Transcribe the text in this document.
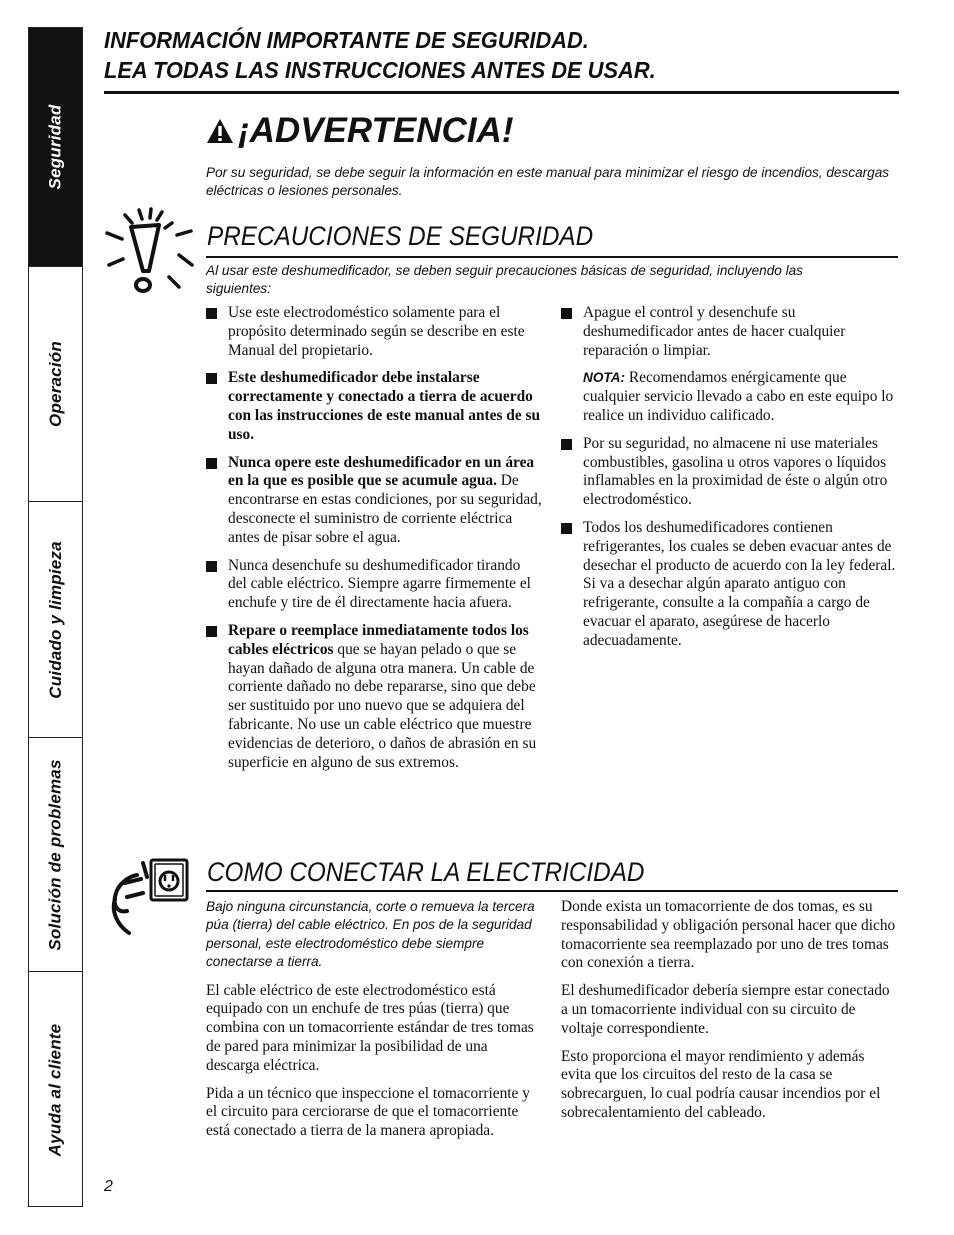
Seguridad
Operación
Cuidado y limpieza
Solución de problemas
Ayuda al cliente
INFORMACIÓN IMPORTANTE DE SEGURIDAD.
LEA TODAS LAS INSTRUCCIONES ANTES DE USAR.
¡ADVERTENCIA!
Por su seguridad, se debe seguir la información en este manual para minimizar el riesgo de incendios, descargas eléctricas o lesiones personales.
PRECAUCIONES DE SEGURIDAD
Al usar este deshumedificador, se deben seguir precauciones básicas de seguridad, incluyendo las siguientes:
Use este electrodoméstico solamente para el propósito determinado según se describe en este Manual del propietario.
Este deshumedificador debe instalarse correctamente y conectado a tierra de acuerdo con las instrucciones de este manual antes de su uso.
Nunca opere este deshumedificador en un área en la que es posible que se acumule agua. De encontrarse en estas condiciones, por su seguridad, desconecte el suministro de corriente eléctrica antes de pisar sobre el agua.
Nunca desenchufe su deshumedificador tirando del cable eléctrico. Siempre agarre firmemente el enchufe y tire de él directamente hacia afuera.
Repare o reemplace inmediatamente todos los cables eléctricos que se hayan pelado o que se hayan dañado de alguna otra manera. Un cable de corriente dañado no debe repararse, sino que debe ser sustituido por uno nuevo que se adquiera del fabricante. No use un cable eléctrico que muestre evidencias de deterioro, o daños de abrasión en su superficie en alguno de sus extremos.
Apague el control y desenchufe su deshumedificador antes de hacer cualquier reparación o limpiar.
NOTA: Recomendamos enérgicamente que cualquier servicio llevado a cabo en este equipo lo realice un individuo calificado.
Por su seguridad, no almacene ni use materiales combustibles, gasolina u otros vapores o líquidos inflamables en la proximidad de éste o algún otro electrodoméstico.
Todos los deshumedificadores contienen refrigerantes, los cuales se deben evacuar antes de desechar el producto de acuerdo con la ley federal. Si va a desechar algún aparato antiguo con refrigerante, consulte a la compañía a cargo de evacuar el aparato, asegúrese de hacerlo adecuadamente.
COMO CONECTAR LA ELECTRICIDAD
Bajo ninguna circunstancia, corte o remueva la tercera púa (tierra) del cable eléctrico. En pos de la seguridad personal, este electrodoméstico debe siempre conectarse a tierra.
El cable eléctrico de este electrodoméstico está equipado con un enchufe de tres púas (tierra) que combina con un tomacorriente estándar de tres tomas de pared para minimizar la posibilidad de una descarga eléctrica.
Pida a un técnico que inspeccione el tomacorriente y el circuito para cerciorarse de que el tomacorriente está conectado a tierra de la manera apropiada.
Donde exista un tomacorriente de dos tomas, es su responsabilidad y obligación personal hacer que dicho tomacorriente sea reemplazado por uno de tres tomas con conexión a tierra.
El deshumedificador debería siempre estar conectado a un tomacorriente individual con su circuito de voltaje correspondiente.
Esto proporciona el mayor rendimiento y además evita que los circuitos del resto de la casa se sobrecarguen, lo cual podría causar incendios por el sobrecalentamiento del cableado.
2
